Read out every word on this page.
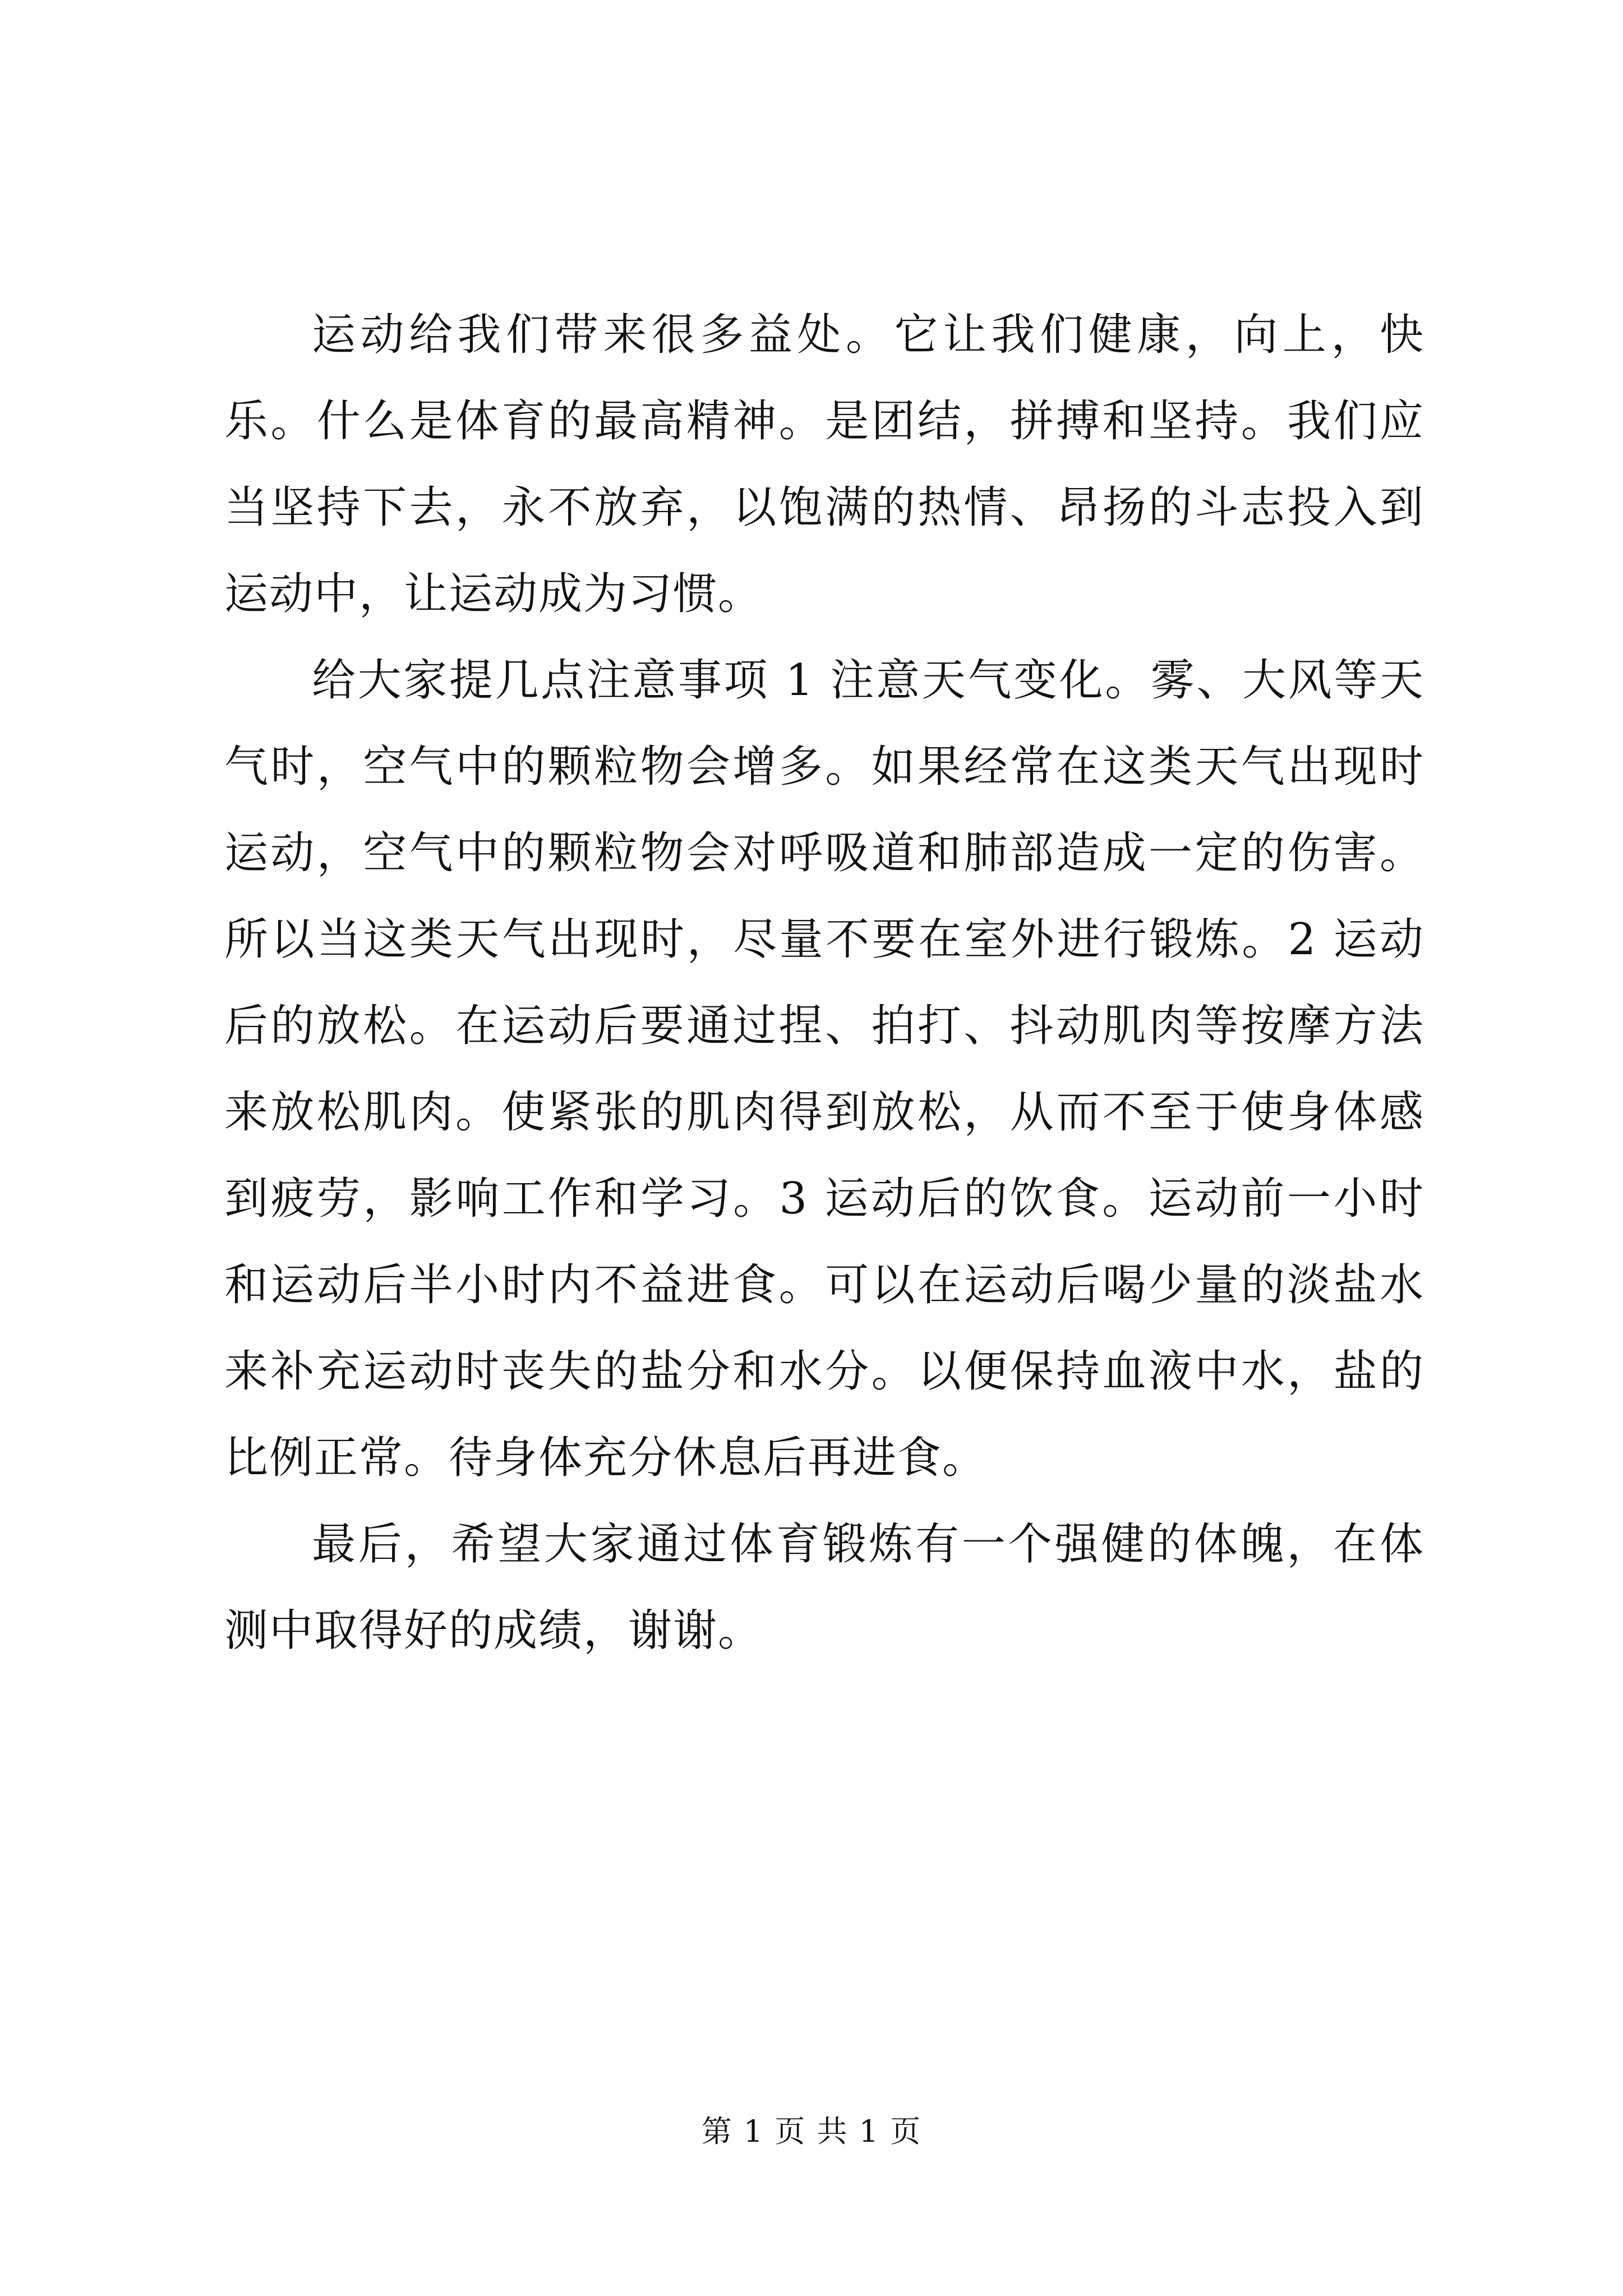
运动给我们带来很多益处。它让我们健康，向上，快乐。什么是体育的最高精神。是团结，拼搏和坚持。我们应当坚持下去，永不放弃，以饱满的热情、昂扬的斗志投入到运动中，让运动成为习惯。

给大家提几点注意事项 1 注意天气变化。雾、大风等天气时，空气中的颗粒物会增多。如果经常在这类天气出现时运动，空气中的颗粒物会对呼吸道和肺部造成一定的伤害。所以当这类天气出现时，尽量不要在室外进行锻炼。2 运动后的放松。在运动后要通过捏、拍打、抖动肌肉等按摩方法来放松肌肉。使紧张的肌肉得到放松，从而不至于使身体感到疲劳，影响工作和学习。3 运动后的饮食。运动前一小时和运动后半小时内不益进食。可以在运动后喝少量的淡盐水来补充运动时丧失的盐分和水分。以便保持血液中水，盐的比例正常。待身体充分休息后再进食。

最后，希望大家通过体育锻炼有一个强健的体魄，在体测中取得好的成绩，谢谢。

第 1 页 共 1 页
